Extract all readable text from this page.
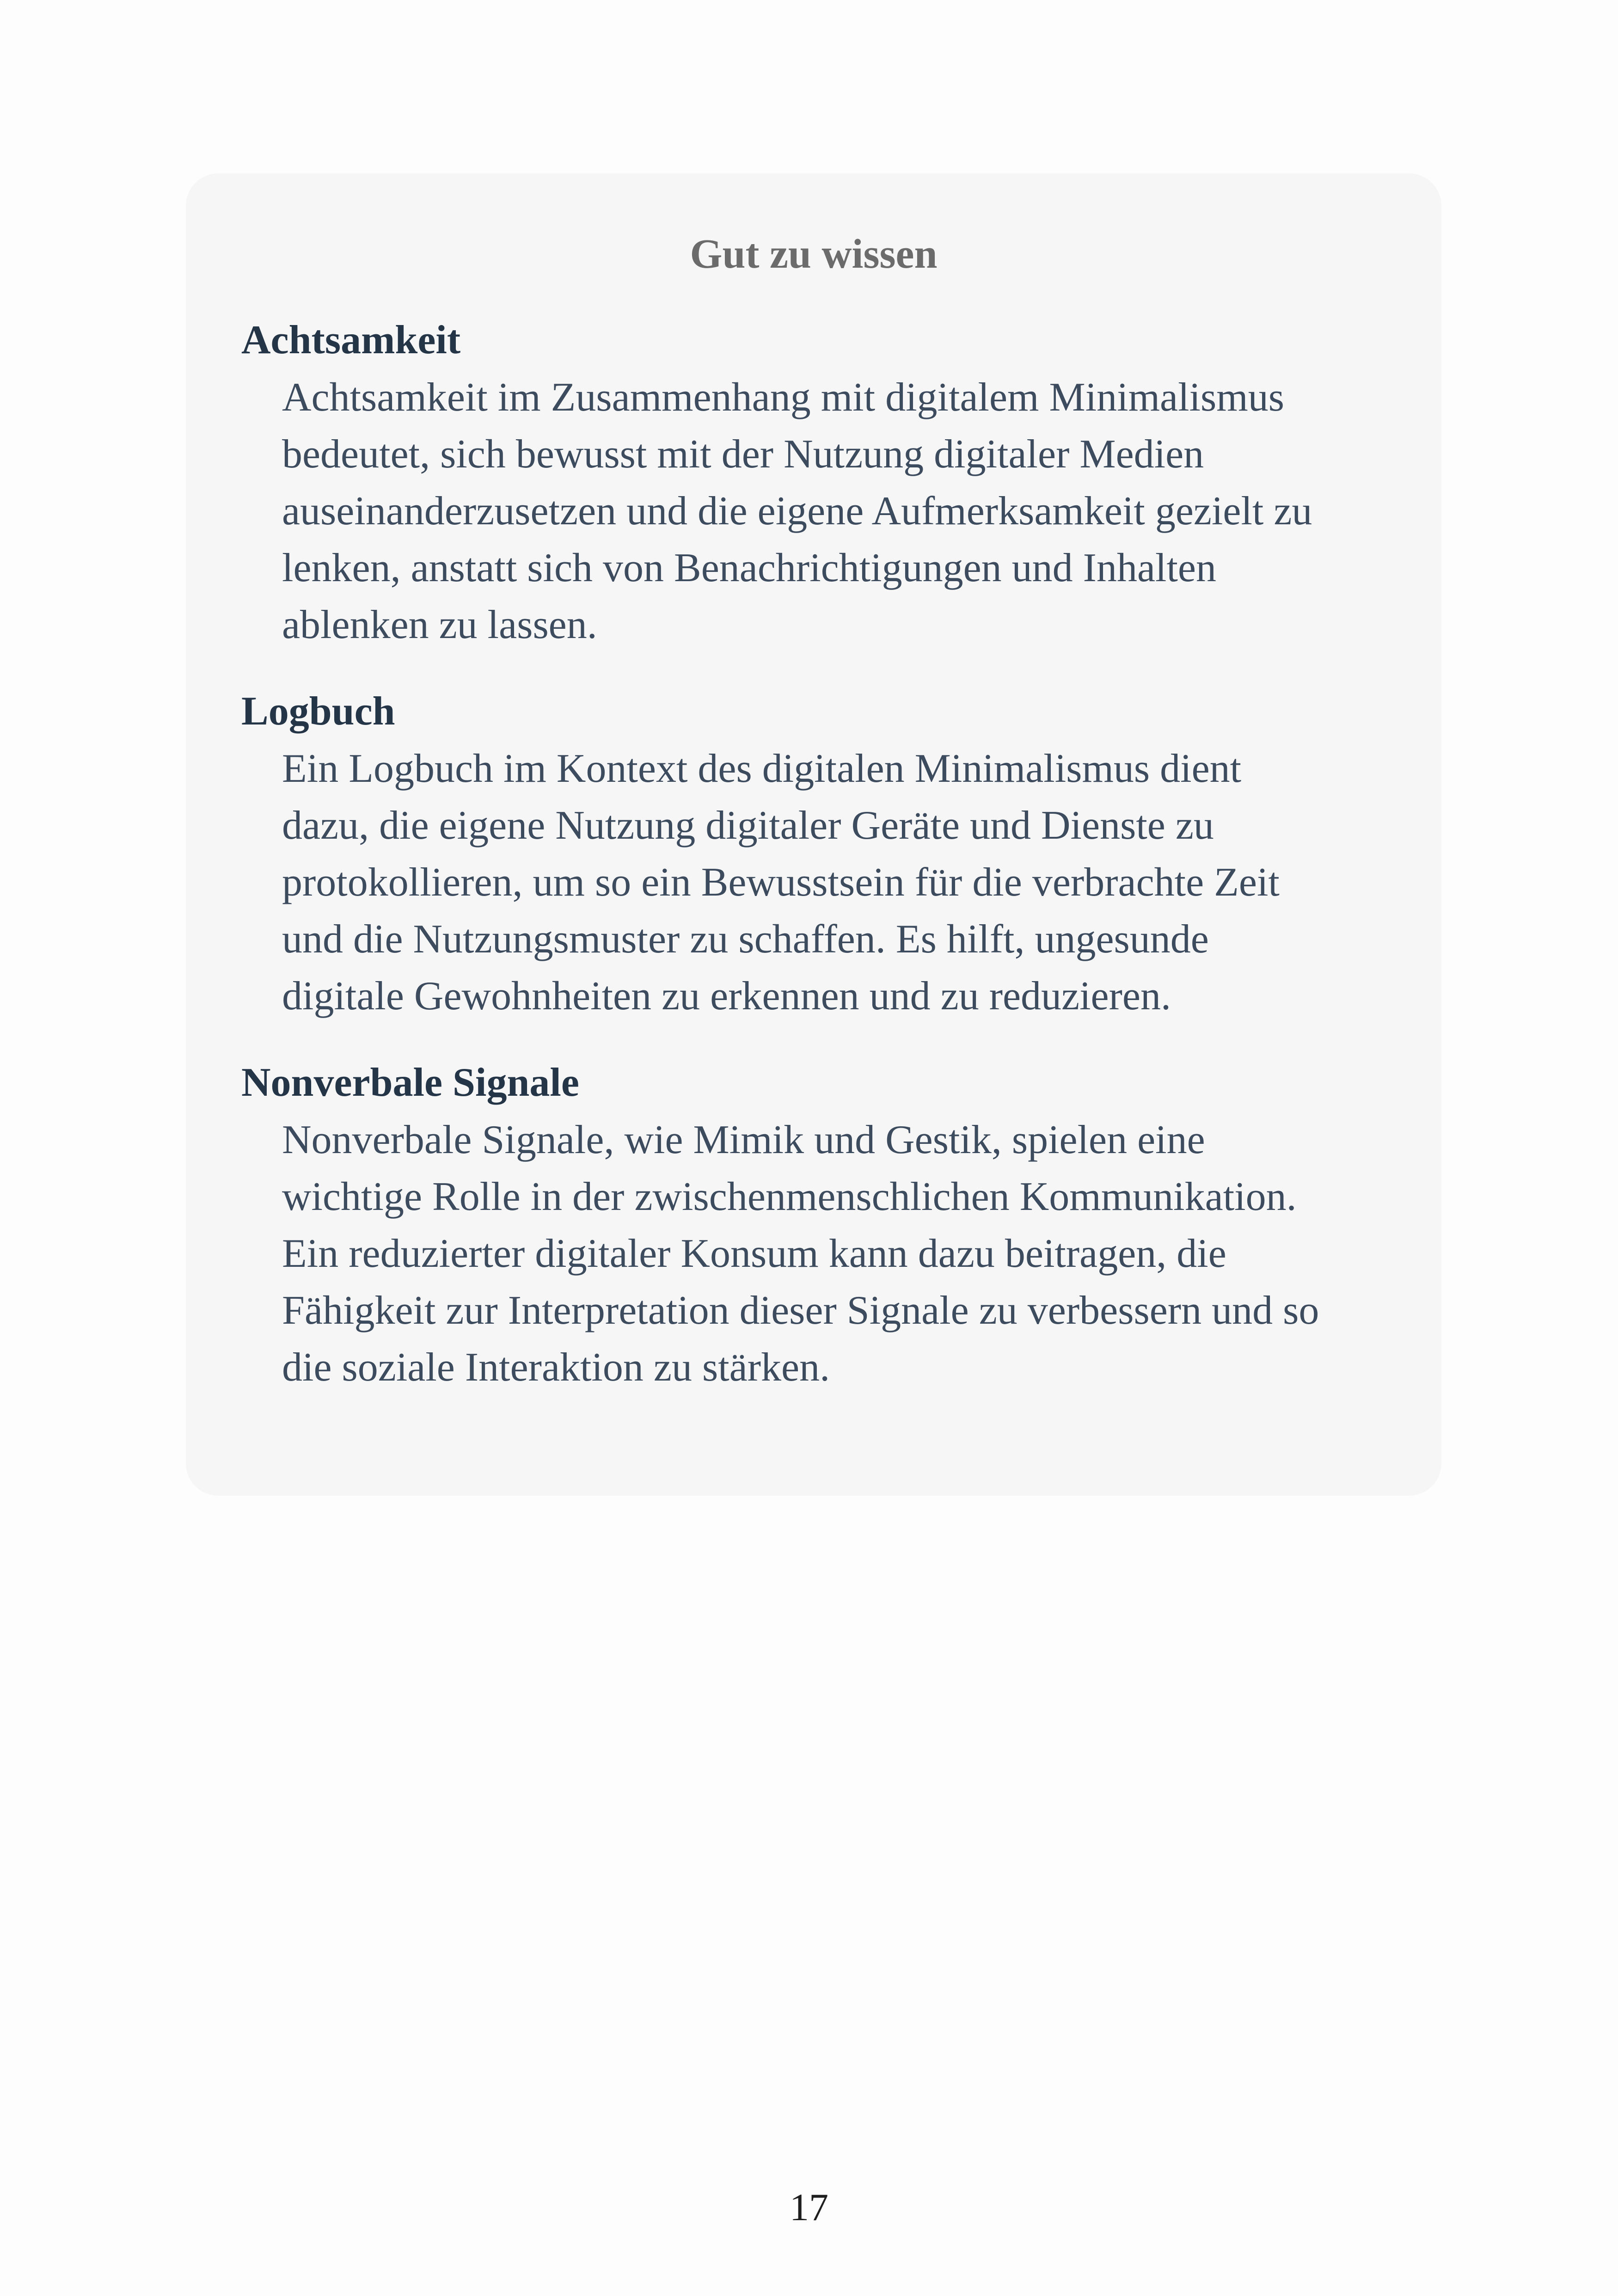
Gut zu wissen
Achtsamkeit
Achtsamkeit im Zusammenhang mit digitalem Minimalismus
bedeutet, sich bewusst mit der Nutzung digitaler Medien
auseinanderzusetzen und die eigene Aufmerksamkeit gezielt zu
lenken, anstatt sich von Benachrichtigungen und Inhalten
ablenken zu lassen.
Logbuch
Ein Logbuch im Kontext des digitalen Minimalismus dient
dazu, die eigene Nutzung digitaler Geräte und Dienste zu
protokollieren, um so ein Bewusstsein für die verbrachte Zeit
und die Nutzungsmuster zu schaffen. Es hilft, ungesunde
digitale Gewohnheiten zu erkennen und zu reduzieren.
Nonverbale Signale
Nonverbale Signale, wie Mimik und Gestik, spielen eine
wichtige Rolle in der zwischenmenschlichen Kommunikation.
Ein reduzierter digitaler Konsum kann dazu beitragen, die
Fähigkeit zur Interpretation dieser Signale zu verbessern und so
die soziale Interaktion zu stärken.
17
